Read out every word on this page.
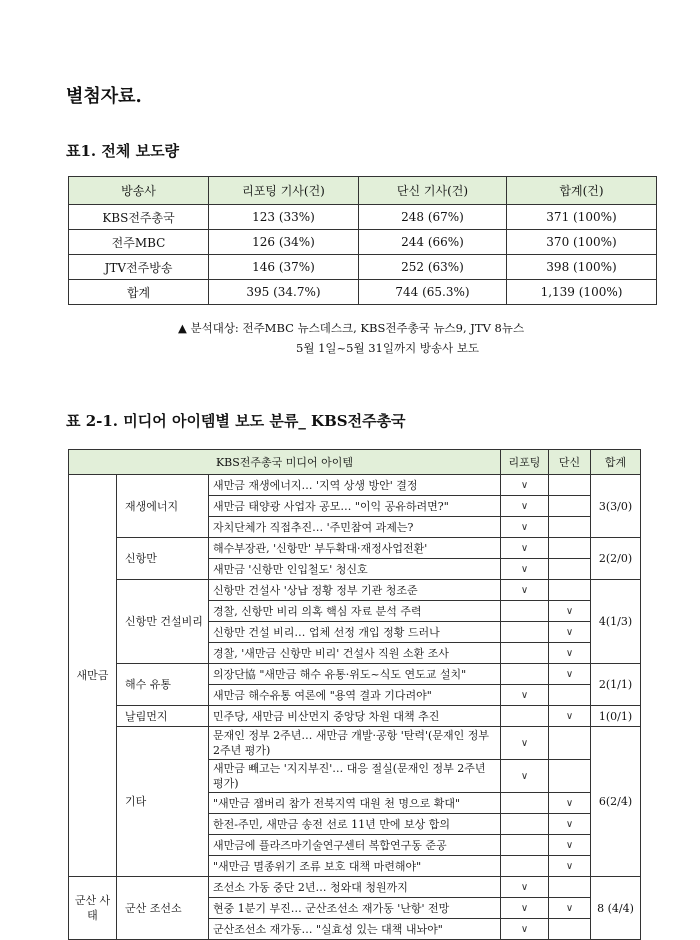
별첨자료.
표1. 전체 보도량
방송사	리포팅 기사(건)	단신 기사(건)	합계(건)
KBS전주총국	123 (33%)	248 (67%)	371 (100%)
전주MBC	126 (34%)	244 (66%)	370 (100%)
JTV전주방송	146 (37%)	252 (63%)	398 (100%)
합계	395 (34.7%)	744 (65.3%)	1,139 (100%)
▲ 분석대상: 전주MBC 뉴스데스크, KBS전주총국 뉴스9, JTV 8뉴스
5월 1일~5월 31일까지 방송사 보도
표 2-1. 미디어 아이템별 보도 분류_ KBS전주총국
KBS전주총국 미디어 아이템			리포팅	단신	합계
새만금	재생에너지	새만금 재생에너지… '지역 상생 방안' 결정	∨		3(3/0)
		새만금 태양광 사업자 공모… "이익 공유하려면?"	∨		
		자치단체가 직접추진… '주민참여 과제는?	∨		
	신항만	해수부장관, '신항만' 부두확대·재정사업전환'	∨		2(2/0)
		새만금 '신항만 인입철도' 청신호	∨		
	신항만 건설비리	신항만 건설사 '상납 정황 정부 기관 청조준	∨		4(1/3)
		경찰, 신항만 비리 의혹 핵심 자료 분석 주력		∨	
		신항만 건설 비리… 업체 선정 개입 정황 드러나		∨	
		경찰, '새만금 신항만 비리' 건설사 직원 소환 조사		∨	
	해수 유통	의장단協 "새만금 해수 유통·위도~식도 연도교 설치"		∨	2(1/1)
		새만금 해수유통 여론에 "용역 결과 기다려야"	∨		
	날림먼지	민주당, 새만금 비산먼지 중앙당 차원 대책 추진		∨	1(0/1)
	기타	문재인 정부 2주년… 새만금 개발·공항 '탄력'(문재인 정부 2주년 평가)	∨		6(2/4)
		새만금 빼고는 '지지부진'… 대응 절실(문재인 정부 2주년 평가)	∨		
		"새만금 잼버리 참가 전북지역 대원 천 명으로 확대"		∨	
		한전-주민, 새만금 송전 선로 11년 만에 보상 합의		∨	
		새만금에 플라즈마기술연구센터 복합연구동 준공		∨	
		"새만금 멸종위기 조류 보호 대책 마련해야"		∨	
군산 사태	군산 조선소	조선소 가동 중단 2년… 청와대 청원까지	∨		8 (4/4)
		현중 1분기 부진… 군산조선소 재가동 '난항' 전망	∨	∨	
		군산조선소 재가동… "실효성 있는 대책 내놔야"	∨		
